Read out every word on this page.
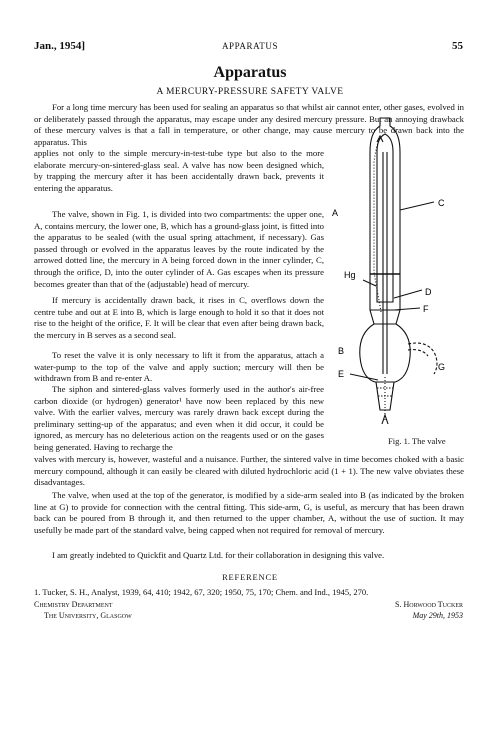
Jan., 1954]	APPARATUS	55
Apparatus
A MERCURY-PRESSURE SAFETY VALVE

For a long time mercury has been used for sealing an apparatus so that whilst air cannot enter, other gases, evolved in or deliberately passed through the apparatus, may escape under any desired mercury pressure. But an annoying drawback of these mercury valves is that a fall in temperature, or other change, may cause mercury to be drawn back into the apparatus. This

applies not only to the simple mercury-in-test-tube type but also to the more elaborate mercury-on-sintered-glass seal. A valve has now been designed which, by trapping the mercury after it has been accidentally drawn back, prevents it entering the apparatus.

The valve, shown in Fig. 1, is divided into two compartments: the upper one, A, contains mercury, the lower one, B, which has a ground-glass joint, is fitted into the apparatus to be sealed (with the usual spring attachment, if necessary). Gas passed through or evolved in the apparatus leaves by the route indicated by the arrowed dotted line, the mercury in A being forced down in the inner cylinder, C, through the orifice, D, into the outer cylinder of A. Gas escapes when its pressure becomes greater than that of the (adjustable) head of mercury.

If mercury is accidentally drawn back, it rises in C, overflows down the centre tube and out at E into B, which is large enough to hold it so that it does not rise to the height of the orifice, F. It will be clear that even after being drawn back, the mercury in B serves as a second seal.

To reset the valve it is only necessary to lift it from the apparatus, attach a water-pump to the top of the valve and apply suction; mercury will then be withdrawn from B and re-enter A.

The siphon and sintered-glass valves formerly used in the author's air-free carbon dioxide (or hydrogen) generator¹ have now been replaced by this new valve. With the earlier valves, mercury was rarely drawn back except during the preliminary setting-up of the apparatus; and even when it did occur, it could be ignored, as mercury has no deleterious action on the reagents used or on the gases being generated. Having to recharge the

valves with mercury is, however, wasteful and a nuisance. Further, the sintered valve in time becomes choked with a basic mercury compound, although it can easily be cleared with diluted hydrochloric acid (1 + 1). The new valve obviates these disadvantages.

The valve, when used at the top of the generator, is modified by a side-arm sealed into B (as indicated by the broken line at G) to provide for connection with the central fitting. This side-arm, G, is useful, as mercury that has been drawn back can be poured from B through it, and then returned to the upper chamber, A, without the use of suction. It may usefully be made part of the standard valve, being capped when not required for removal of mercury.

I am greatly indebted to Quickfit and Quartz Ltd. for their collaboration in designing this valve.

A
C
Hg
D
F
B
G
E
Fig. 1. The valve
REFERENCE
1. Tucker, S. H., Analyst, 1939, 64, 410; 1942, 67, 320; 1950, 75, 170; Chem. and Ind., 1945, 270.
Chemistry Department
The University, Glasgow
S. Horwood Tucker
May 29th, 1953
